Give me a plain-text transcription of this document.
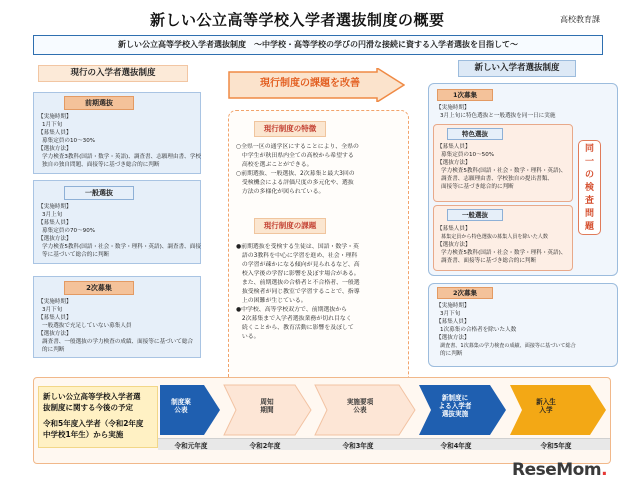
新しい公立高等学校入学者選抜制度の概要	高校教育課
新しい公立高等学校入学者選抜制度　～中学校・高等学校の学びの円滑な接続に資する入学者選抜を目指して～
現行の入学者選抜制度
前期選抜
【実施時期】
1月下旬
【募集人員】
募集定員の10～30%
【選抜方法】
学力検査3教科(国語・数学・英語)、調査書、志願理由書、学校
独自の独自問題、面接等に基づき総合的に判断
一般選抜
【実施時期】
3月上旬
【募集人員】
募集定員の70～90%
【選抜方法】
学力検査5教科(国語・社会・数学・理科・英語)、調査書、面接
等に基づいて総合的に判断
2次募集
【実施時期】
3月下旬
【募集人員】
一般選抜で充足していない募集人員
【選抜方法】
調査書、一般選抜の学力検査の成績、面接等に基づいて総合
的に判断
現行制度の課題を改善
現行制度の特徴
○全県一区の通学区にすることにより、全県の
　中学生が秋田県内全ての高校から希望する
　高校を選ぶことができる。
○前期選抜、一般選抜、2次募集と最大3回の
　受検機会による評価尺度の多元化や、選抜
　方法の多様化が図られている。
現行制度の課題
●前期選抜を受検する生徒は、国語・数学・英
　語の3教科を中心に学習を進め、社会・理科
　の学習が疎かになる傾向が見られるなど、高
　校入学後の学習に影響を及ぼす場合がある。
　また、前期選抜の合格者と不合格者、一般選
　抜受検者が同じ教室で学習することで、指導
　上の困難が生じている。
●中学校、高等学校双方で、前期選抜から
　2次募集まで入学者選抜業務が切れ目なく
　続くことから、教育活動に影響を及ぼして
　いる。
新しい入学者選抜制度
1次募集
【実施時期】
3月上旬に特色選抜と一般選抜を同一日に実施
特色選抜
【募集人員】
募集定員の10～50%
【選抜方法】
学力検査5教科(国語・社会・数学・理科・英語)、
調査書、志願理由書、学校独自の提出書類、
面接等に基づき総合的に判断
一般選抜
【募集人員】
募集定員から特色選抜の募集人員を除いた人数
【選抜方法】
学力検査5教科(国語・社会・数学・理科・英語)、
調査書、面接等に基づき総合的に判断
同
一
の
検
査
問
題
2次募集
【実施時期】
3月下旬
【募集人員】
1次募集の合格者を除いた人数
【選抜方法】
調査書、1次募集の学力検査の成績、面接等に基づいて総合
的に判断
新しい公立高等学校入学者選
抜制度に関する今後の予定
令和5年度入学者（令和2年度
中学校1年生）から実施
制度案
公表
周知
期間
実施要項
公表
新制度に
よる入学者
選抜実施
新入生
入学
令和元年度	令和2年度	令和3年度	令和4年度	令和5年度
ReseMom.
